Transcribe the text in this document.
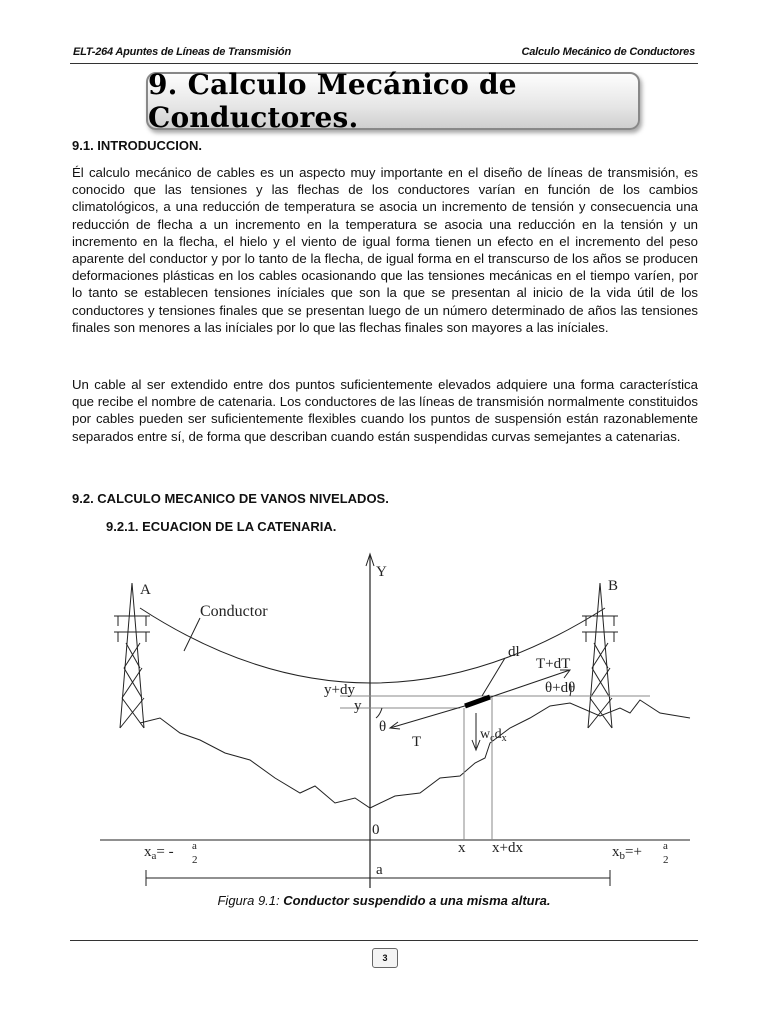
ELT-264 Apuntes de Líneas de Transmisión	Calculo Mecánico de Conductores
9. Calculo Mecánico de Conductores.
9.1. INTRODUCCION.

Él calculo mecánico de cables es un aspecto muy importante en el diseño de líneas de transmisión, es conocido que las tensiones y las flechas de los conductores varían en función de los cambios climatológicos, a una reducción de temperatura se asocia un incremento de tensión y consecuencia una reducción de flecha a un incremento en la temperatura se asocia una reducción en la tensión y un incremento en la flecha, el hielo y el viento de igual forma tienen un efecto en el incremento del peso aparente del conductor y por lo tanto de la flecha, de igual forma en el transcurso de los años se producen deformaciones plásticas en los cables ocasionando que las tensiones mecánicas en el tiempo varíen, por lo tanto se establecen tensiones iníciales que son la que se presentan al inicio de la vida útil de los conductores y tensiones finales que se presentan luego de un número determinado de años las tensiones finales son menores a las iníciales por lo que las flechas finales son mayores a las iníciales.

Un cable al ser extendido entre dos puntos suficientemente elevados adquiere una forma característica que recibe el nombre de catenaria. Los conductores de las líneas de transmisión normalmente constituidos por cables pueden ser suficientemente flexibles cuando los puntos de suspensión están razonablemente separados entre sí, de forma que describan cuando están suspendidas curvas semejantes a catenarias.

9.2. CALCULO MECANICO DE VANOS NIVELADOS.
9.2.1. ECUACION DE LA CATENARIA.
Y
A	B
Conductor
dl
T+dT
θ+dθ
y+dy
y
θ
T	$w_cd_x$
0
x x+dx
$x_a= - a$
2	$x_b=+ a$
2
a
Figura 9.1: Conductor suspendido a una misma altura.
3
